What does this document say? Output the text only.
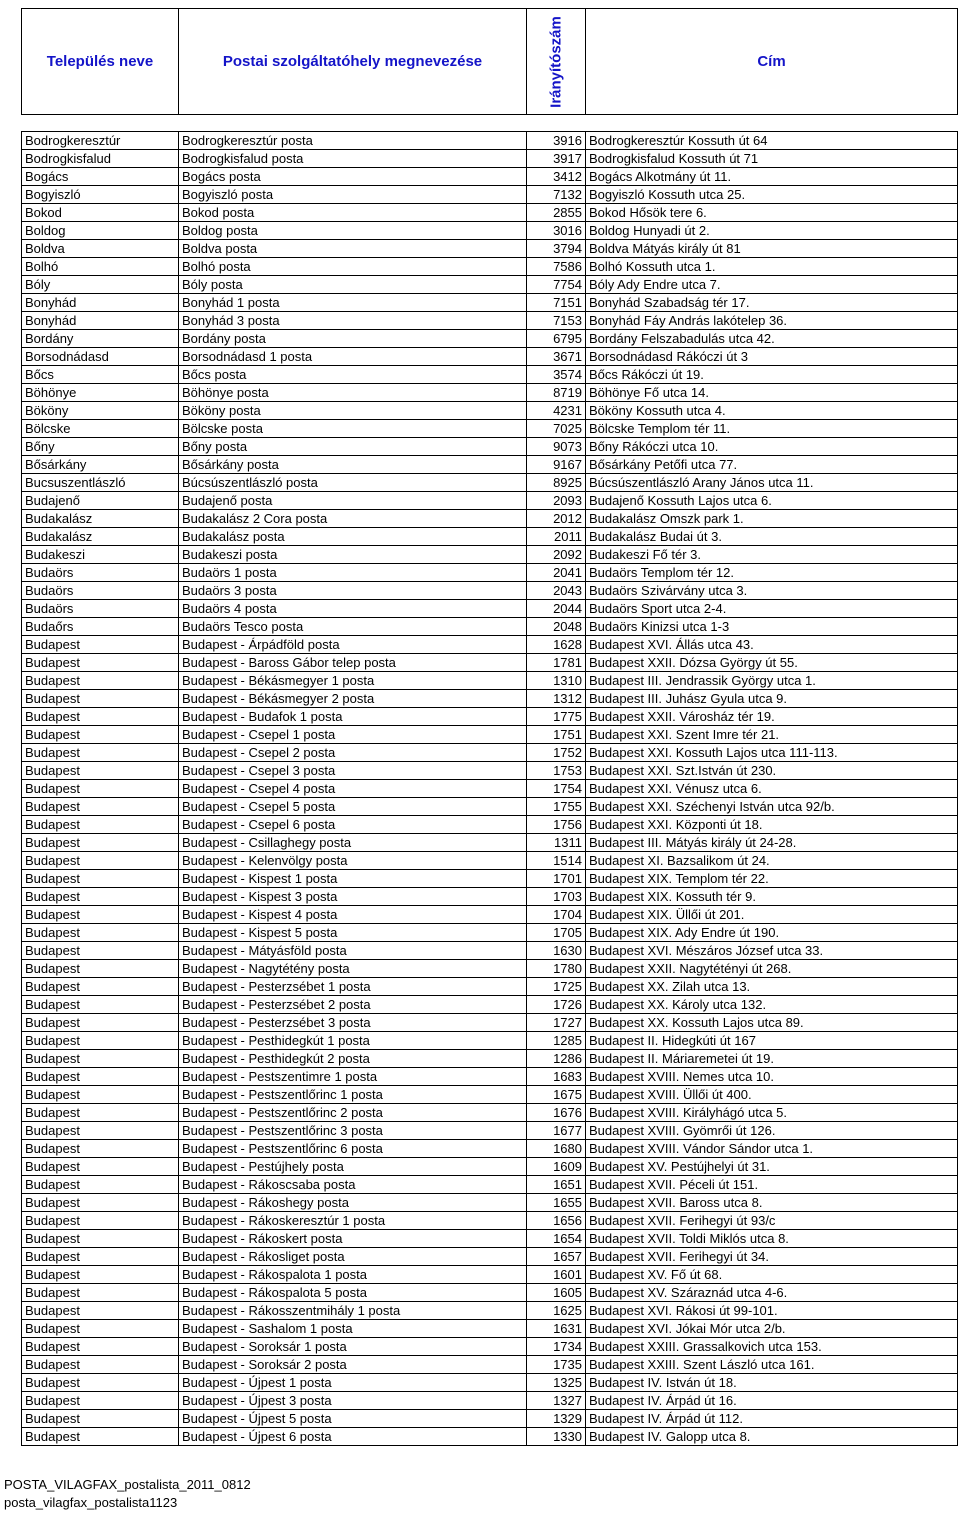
Település neve	Postai szolgáltatóhely megnevezése	Irányítószám	Cím

Bodrogkeresztúr	Bodrogkeresztúr posta	3916	Bodrogkeresztúr Kossuth út 64
Bodrogkisfalud	Bodrogkisfalud posta	3917	Bodrogkisfalud Kossuth út 71
Bogács	Bogács posta	3412	Bogács Alkotmány út 11.
Bogyiszló	Bogyiszló posta	7132	Bogyiszló Kossuth utca 25.
Bokod	Bokod posta	2855	Bokod Hősök tere 6.
Boldog	Boldog posta	3016	Boldog Hunyadi út 2.
Boldva	Boldva posta	3794	Boldva Mátyás király út 81
Bolhó	Bolhó posta	7586	Bolhó Kossuth utca 1.
Bóly	Bóly posta	7754	Bóly Ady Endre utca 7.
Bonyhád	Bonyhád 1 posta	7151	Bonyhád Szabadság tér 17.
Bonyhád	Bonyhád 3 posta	7153	Bonyhád Fáy András lakótelep 36.
Bordány	Bordány posta	6795	Bordány Felszabadulás utca 42.
Borsodnádasd	Borsodnádasd 1 posta	3671	Borsodnádasd Rákóczi út 3
Bőcs	Bőcs posta	3574	Bőcs Rákóczi út 19.
Böhönye	Böhönye posta	8719	Böhönye Fő utca 14.
Bököny	Bököny posta	4231	Bököny Kossuth utca 4.
Bölcske	Bölcske posta	7025	Bölcske Templom tér 11.
Bőny	Bőny posta	9073	Bőny Rákóczi utca 10.
Bősárkány	Bősárkány posta	9167	Bősárkány Petőfi utca 77.
Bucsuszentlászló	Búcsúszentlászló posta	8925	Búcsúszentlászló Arany János utca 11.
Budajenő	Budajenő posta	2093	Budajenő Kossuth Lajos utca 6.
Budakalász	Budakalász 2 Cora posta	2012	Budakalász Omszk park 1.
Budakalász	Budakalász posta	2011	Budakalász Budai út 3.
Budakeszi	Budakeszi posta	2092	Budakeszi Fő tér 3.
Budaörs	Budaörs 1 posta	2041	Budaörs Templom tér 12.
Budaörs	Budaörs 3 posta	2043	Budaörs Szivárvány utca 3.
Budaörs	Budaörs 4 posta	2044	Budaörs Sport utca 2-4.
Budaőrs	Budaörs Tesco posta	2048	Budaörs Kinizsi utca 1-3
Budapest	Budapest - Árpádföld posta	1628	Budapest XVI. Állás utca 43.
Budapest	Budapest - Baross Gábor telep posta	1781	Budapest XXII. Dózsa György út 55.
Budapest	Budapest - Békásmegyer 1 posta	1310	Budapest III. Jendrassik György utca 1.
Budapest	Budapest - Békásmegyer 2 posta	1312	Budapest III. Juhász Gyula utca 9.
Budapest	Budapest - Budafok 1 posta	1775	Budapest XXII. Városház tér 19.
Budapest	Budapest - Csepel 1 posta	1751	Budapest XXI. Szent Imre tér 21.
Budapest	Budapest - Csepel 2 posta	1752	Budapest XXI. Kossuth Lajos utca 111-113.
Budapest	Budapest - Csepel 3 posta	1753	Budapest XXI. Szt.István út 230.
Budapest	Budapest - Csepel 4 posta	1754	Budapest XXI. Vénusz utca 6.
Budapest	Budapest - Csepel 5 posta	1755	Budapest XXI. Széchenyi István utca 92/b.
Budapest	Budapest - Csepel 6 posta	1756	Budapest XXI. Központi út 18.
Budapest	Budapest - Csillaghegy posta	1311	Budapest III. Mátyás király út 24-28.
Budapest	Budapest - Kelenvölgy posta	1514	Budapest XI. Bazsalikom út 24.
Budapest	Budapest - Kispest 1 posta	1701	Budapest XIX. Templom tér 22.
Budapest	Budapest - Kispest 3 posta	1703	Budapest XIX. Kossuth tér 9.
Budapest	Budapest - Kispest 4 posta	1704	Budapest XIX. Üllői út 201.
Budapest	Budapest - Kispest 5 posta	1705	Budapest XIX. Ady Endre út 190.
Budapest	Budapest - Mátyásföld posta	1630	Budapest XVI. Mészáros József utca 33.
Budapest	Budapest - Nagytétény posta	1780	Budapest XXII. Nagytétényi út 268.
Budapest	Budapest - Pesterzsébet 1 posta	1725	Budapest XX. Zilah utca 13.
Budapest	Budapest - Pesterzsébet 2 posta	1726	Budapest XX. Károly utca 132.
Budapest	Budapest - Pesterzsébet 3 posta	1727	Budapest XX. Kossuth Lajos utca 89.
Budapest	Budapest - Pesthidegkút 1 posta	1285	Budapest II. Hidegkúti út 167
Budapest	Budapest - Pesthidegkút 2 posta	1286	Budapest II. Máriaremetei út 19.
Budapest	Budapest - Pestszentimre 1 posta	1683	Budapest XVIII. Nemes utca 10.
Budapest	Budapest - Pestszentlőrinc 1 posta	1675	Budapest XVIII. Üllői út 400.
Budapest	Budapest - Pestszentlőrinc 2 posta	1676	Budapest XVIII. Királyhágó utca 5.
Budapest	Budapest - Pestszentlőrinc 3 posta	1677	Budapest XVIII. Gyömrői út 126.
Budapest	Budapest - Pestszentlőrinc 6 posta	1680	Budapest XVIII. Vándor Sándor utca 1.
Budapest	Budapest - Pestújhely posta	1609	Budapest XV. Pestújhelyi út 31.
Budapest	Budapest - Rákoscsaba posta	1651	Budapest XVII. Péceli út 151.
Budapest	Budapest - Rákoshegy posta	1655	Budapest XVII. Baross utca 8.
Budapest	Budapest - Rákoskeresztúr 1 posta	1656	Budapest XVII. Ferihegyi út 93/c
Budapest	Budapest - Rákoskert posta	1654	Budapest XVII. Toldi Miklós utca 8.
Budapest	Budapest - Rákosliget posta	1657	Budapest XVII. Ferihegyi út 34.
Budapest	Budapest - Rákospalota 1 posta	1601	Budapest XV. Fő út 68.
Budapest	Budapest - Rákospalota 5 posta	1605	Budapest XV. Száraznád utca 4-6.
Budapest	Budapest - Rákosszentmihály 1 posta	1625	Budapest XVI. Rákosi út 99-101.
Budapest	Budapest - Sashalom 1 posta	1631	Budapest XVI. Jókai Mór utca 2/b.
Budapest	Budapest - Soroksár 1 posta	1734	Budapest XXIII. Grassalkovich utca 153.
Budapest	Budapest - Soroksár 2 posta	1735	Budapest XXIII. Szent László utca 161.
Budapest	Budapest - Újpest 1 posta	1325	Budapest IV. István út 18.
Budapest	Budapest - Újpest 3 posta	1327	Budapest IV. Árpád út 16.
Budapest	Budapest - Újpest 5 posta	1329	Budapest IV. Árpád út 112.
Budapest	Budapest - Újpest 6 posta	1330	Budapest IV. Galopp utca 8.
POSTA_VILAGFAX_postalista_2011_0812
posta_vilagfax_postalista1123
